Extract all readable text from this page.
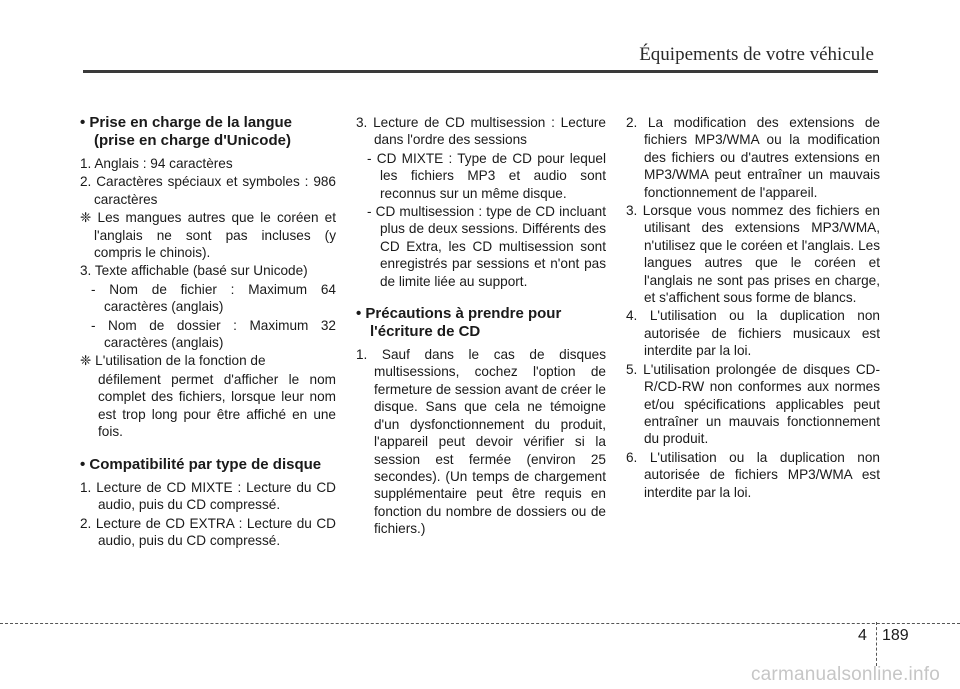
Équipements de votre véhicule
• Prise en charge de la langue (prise en charge d'Unicode)
1. Anglais : 94 caractères
2. Caractères spéciaux et symboles : 986 caractères
❈ Les mangues autres que le coréen et l'anglais ne sont pas incluses (y compris le chinois).
3. Texte affichable (basé sur Unicode)
- Nom de fichier : Maximum 64 caractères (anglais)
- Nom de dossier : Maximum 32 caractères (anglais)
❈ L'utilisation de la fonction de
défilement permet d'afficher le nom complet des fichiers, lorsque leur nom est trop long pour être affiché en une fois.
• Compatibilité par type de disque
1. Lecture de CD MIXTE : Lecture du CD audio, puis du CD compressé.
2. Lecture de CD EXTRA : Lecture du CD audio, puis du CD compressé.
3. Lecture de CD multisession : Lecture dans l'ordre des sessions
- CD MIXTE : Type de CD pour lequel les fichiers MP3 et audio sont reconnus sur un même disque.
- CD multisession : type de CD incluant plus de deux sessions. Différents des CD Extra, les CD multisession sont enregistrés par sessions et n'ont pas de limite liée au support.
• Précautions à prendre pour l'écriture de CD
1. Sauf dans le cas de disques multisessions, cochez l'option de fermeture de session avant de créer le disque. Sans que cela ne témoigne d'un dysfonctionnement du produit, l'appareil peut devoir vérifier si la session est fermée (environ 25 secondes). (Un temps de chargement supplémentaire peut être requis en fonction du nombre de dossiers ou de fichiers.)
2. La modification des extensions de fichiers MP3/WMA ou la modification des fichiers ou d'autres extensions en MP3/WMA peut entraîner un mauvais fonctionnement de l'appareil.
3. Lorsque vous nommez des fichiers en utilisant des extensions MP3/WMA, n'utilisez que le coréen et l'anglais. Les langues autres que le coréen et l'anglais ne sont pas prises en charge, et s'affichent sous forme de blancs.
4. L'utilisation ou la duplication non autorisée de fichiers musicaux est interdite par la loi.
5. L'utilisation prolongée de disques CD-R/CD-RW non conformes aux normes et/ou spécifications applicables peut entraîner un mauvais fonctionnement du produit.
6. L'utilisation ou la duplication non autorisée de fichiers MP3/WMA est interdite par la loi.
4 189
carmanualsonline.info
